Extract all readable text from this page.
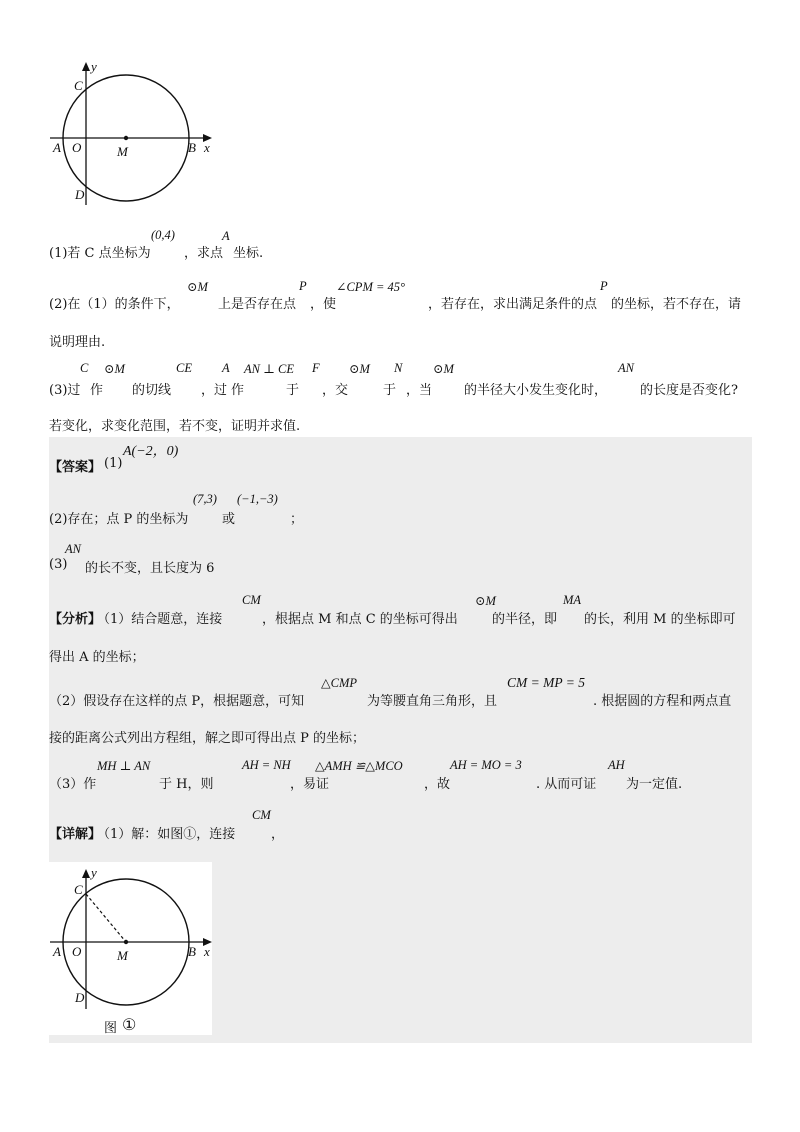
y
C
A O	M	B x
D
(1)若 C 点坐标为
(0,4)
，求点
A
坐标.
(2)在（1）的条件下，
⊙M
上是否存在点
P
，使
∠CPM = 45°
，若存在，求出满足条件的点
P
的坐标，若不存在，请
说明理由.
(3)过
C
作
⊙M
的切线
CE
，过
A
作
AN ⊥ CE
于
F
，交
⊙M N
于 ，当
⊙M
的半径大小发生变化时，
AN
的长度是否变化?
若变化，求变化范围，若不变，证明并求值.
【答案】 (1)
A(−2，0)
(2)存在；点 P 的坐标为
(7,3)
或
(−1,−3)
；
(3)
AN
的长不变，且长度为 6
【分析】
（1）结合题意，连接
CM
，根据点 M 和点 C 的坐标可得出
⊙M
的半径，即
MA
的长，利用 M 的坐标即可
得出 A 的坐标；
（2）假设存在这样的点 P，根据题意，可知
△CMP
为等腰直角三角形，且
CM = MP = 5
. 根据圆的方程和两点直
接的距离公式列出方程组，解之即可得出点 P 的坐标；
（3）作
MH ⊥ AN
于 H，则
AH = NH
，易证
△AMH ≌△MCO
，故
AH = MO = 3
. 从而可证
AH
为一定值.
【详解】
（1）解：如图①，连接
CM
，
y
C
A O	M	B x
D
图 ①
